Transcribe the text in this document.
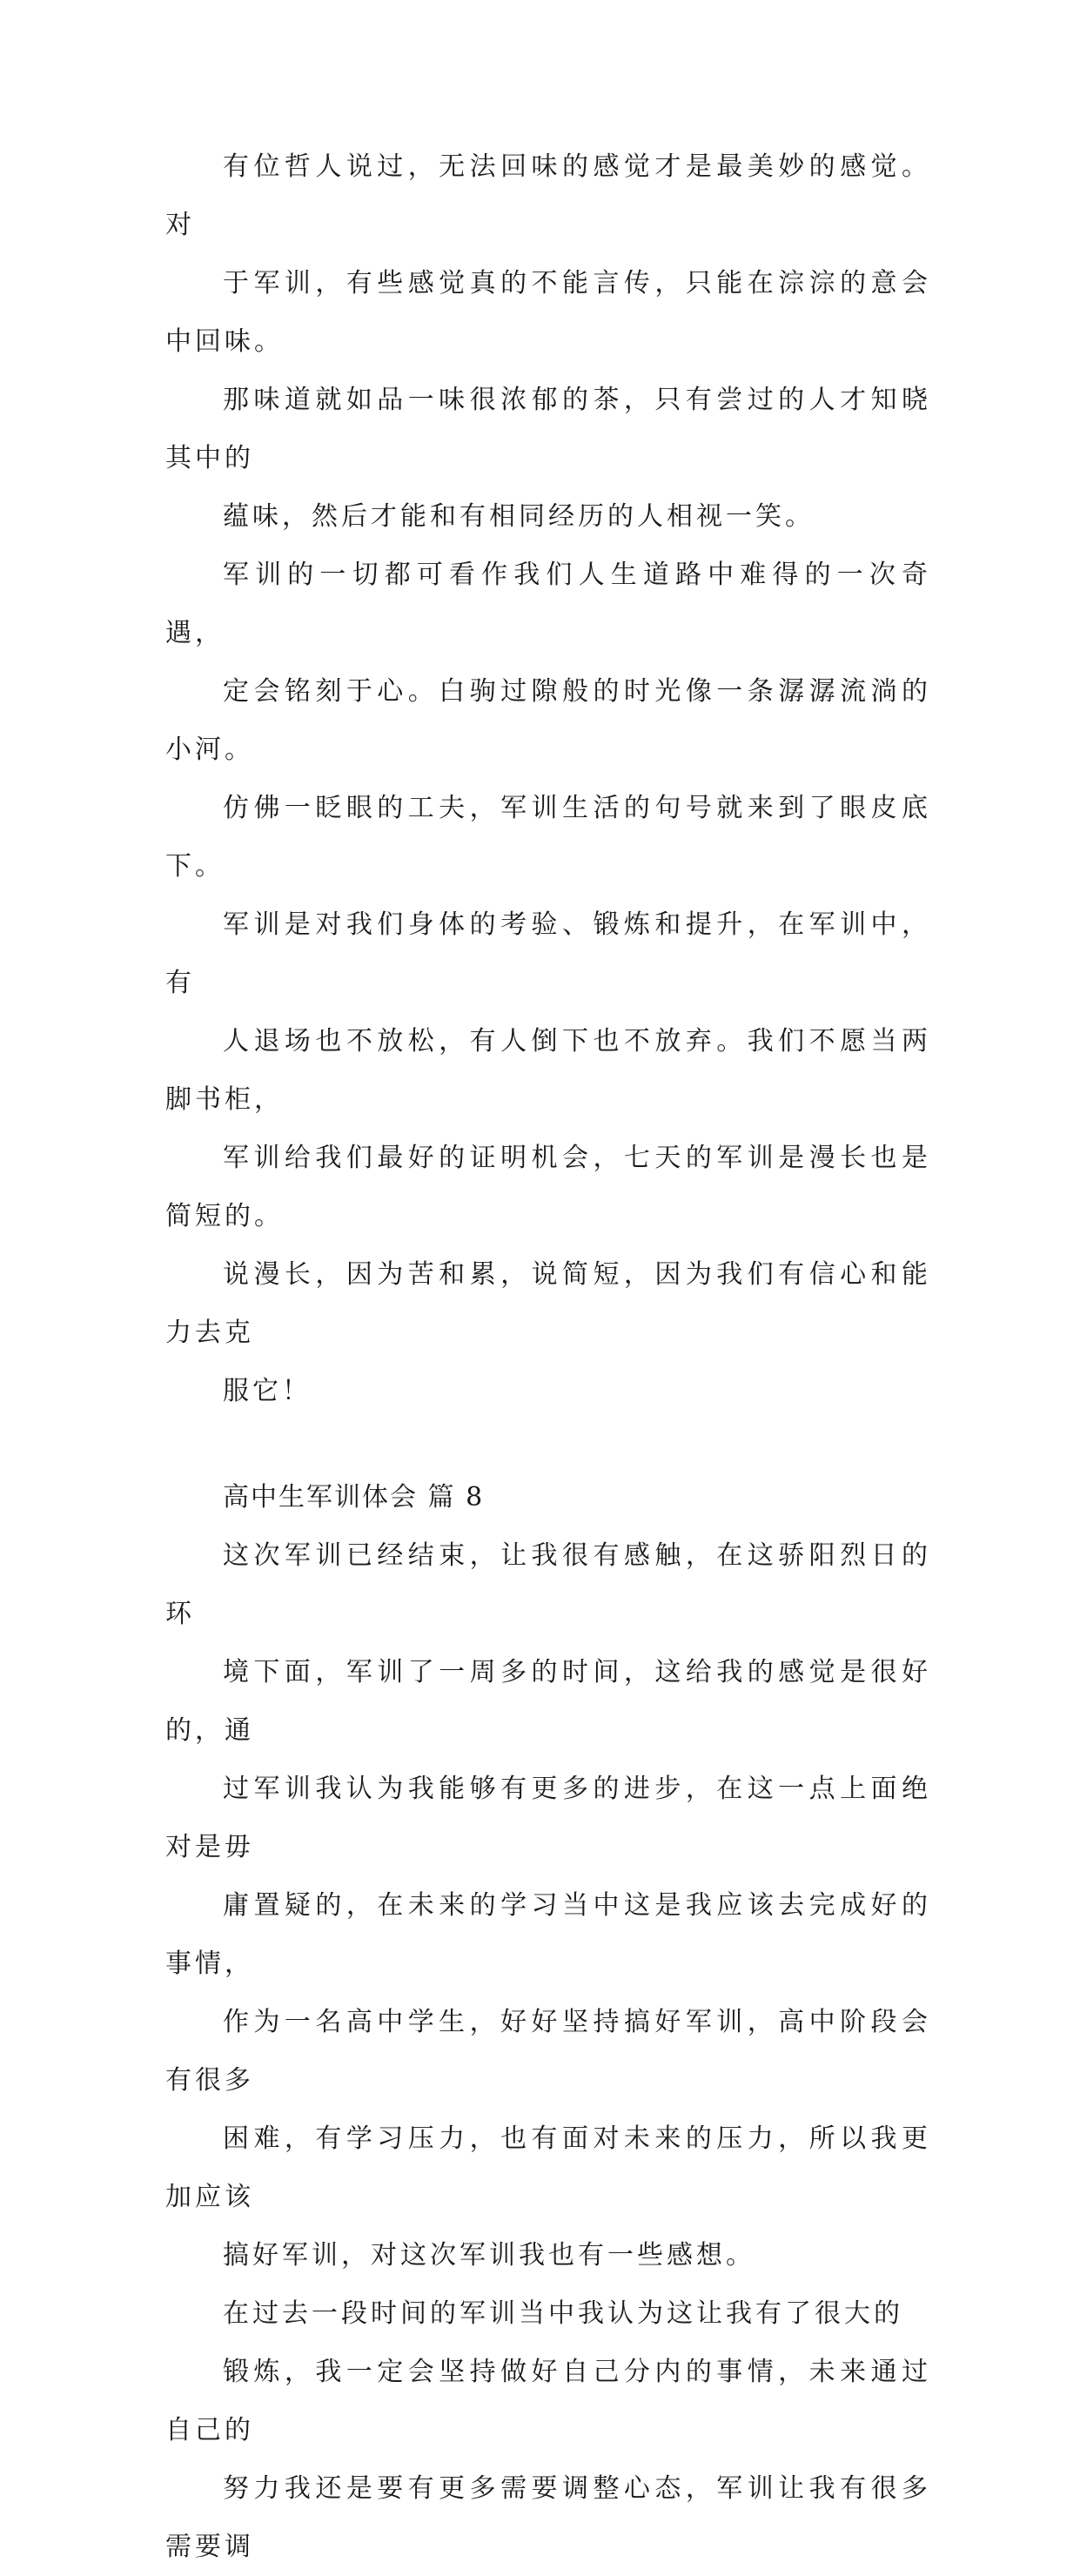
有位哲人说过，无法回味的感觉才是最美妙的感觉。对
于军训，有些感觉真的不能言传，只能在淙淙的意会中回味。
那味道就如品一味很浓郁的茶，只有尝过的人才知晓其中的
蕴味，然后才能和有相同经历的人相视一笑。

军训的一切都可看作我们人生道路中难得的一次奇遇，
定会铭刻于心。白驹过隙般的时光像一条潺潺流淌的小河。
仿佛一眨眼的工夫，军训生活的句号就来到了眼皮底下。

军训是对我们身体的考验、锻炼和提升，在军训中，有
人退场也不放松，有人倒下也不放弃。我们不愿当两脚书柜，
军训给我们最好的证明机会，七天的军训是漫长也是简短的。
说漫长，因为苦和累，说简短，因为我们有信心和能力去克
服它！

高中生军训体会 篇 8

这次军训已经结束，让我很有感触，在这骄阳烈日的环
境下面，军训了一周多的时间，这给我的感觉是很好的，通
过军训我认为我能够有更多的进步，在这一点上面绝对是毋
庸置疑的，在未来的学习当中这是我应该去完成好的事情，
作为一名高中学生，好好坚持搞好军训，高中阶段会有很多
困难，有学习压力，也有面对未来的压力，所以我更加应该
搞好军训，对这次军训我也有一些感想。

在过去一段时间的军训当中我认为这让我有了很大的
锻炼，我一定会坚持做好自己分内的事情，未来通过自己的
努力我还是要有更多需要调整心态，军训让我有很多需要调
